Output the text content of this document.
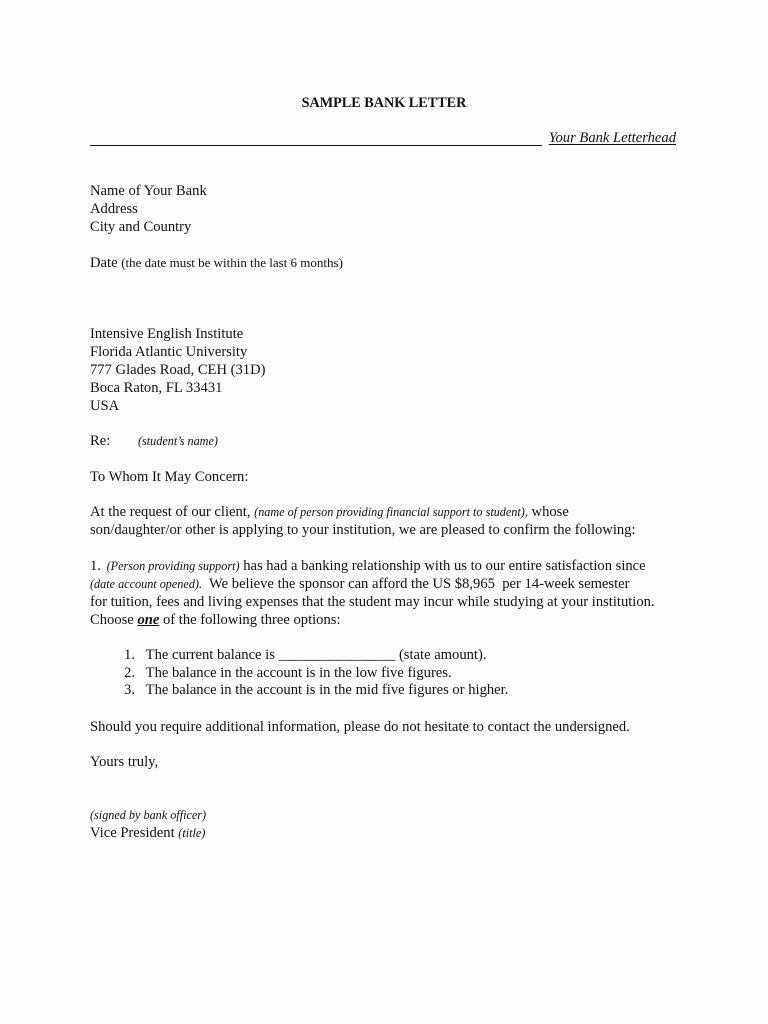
SAMPLE BANK LETTER
Your Bank Letterhead
Name of Your Bank
Address
City and Country
Date (the date must be within the last 6 months)
Intensive English Institute
Florida Atlantic University
777 Glades Road, CEH (31D)
Boca Raton, FL 33431
USA
Re: (student’s name)
To Whom It May Concern:
At the request of our client, (name of person providing financial support to student), whose
son/daughter/or other is applying to your institution, we are pleased to confirm the following:
1. (Person providing support) has had a banking relationship with us to our entire satisfaction since
(date account opened).  We believe the sponsor can afford the US $8,965  per 14-week semester
for tuition, fees and living expenses that the student may incur while studying at your institution.
Choose one of the following three options:
1. The current balance is ________________ (state amount).
2. The balance in the account is in the low five figures.
3. The balance in the account is in the mid five figures or higher.
Should you require additional information, please do not hesitate to contact the undersigned.
Yours truly,
(signed by bank officer)
Vice President (title)
